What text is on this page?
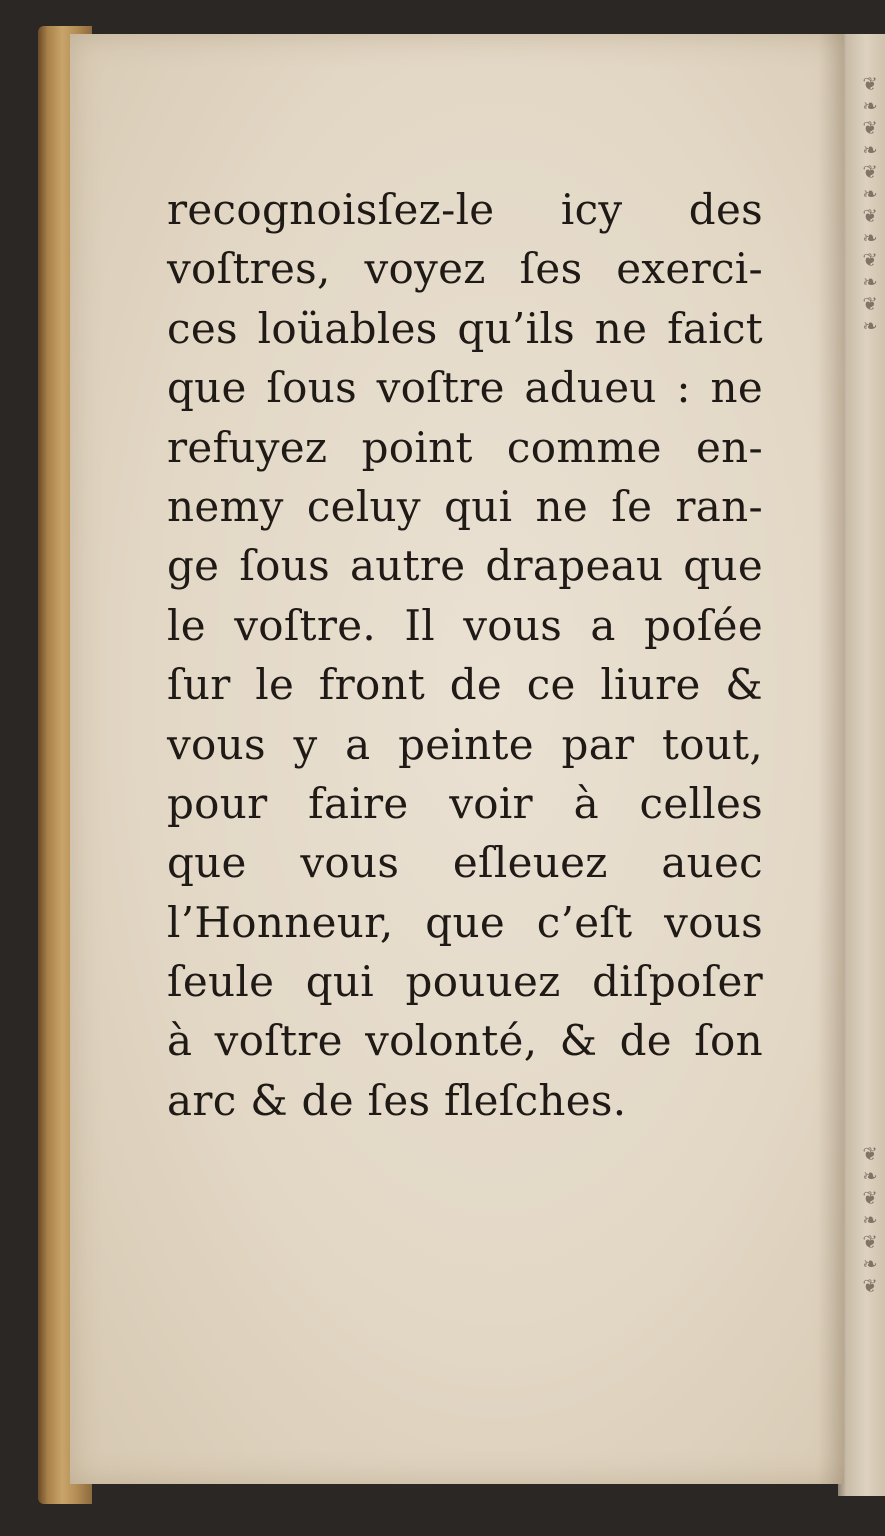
❦
❧
❦
❧
❦
❧
❦
❧
❦
❧
❦
❧
❦
❧
❦
❧
❦
❧
❦
recognoisſez-le icy des
voſtres, voyez ſes exerci-
ces loüables qu’ils ne faict
que ſous voſtre adueu : ne
refuyez point comme en-
nemy celuy qui ne ſe ran-
ge ſous autre drapeau que
le voſtre. Il vous a poſée
ſur le front de ce liure &
vous y a peinte par tout,
pour faire voir à celles
que vous eſleuez auec
l’Honneur, que c’eſt vous
ſeule qui pouuez diſpoſer
à voſtre volonté, & de ſon
arc & de ſes fleſches.
